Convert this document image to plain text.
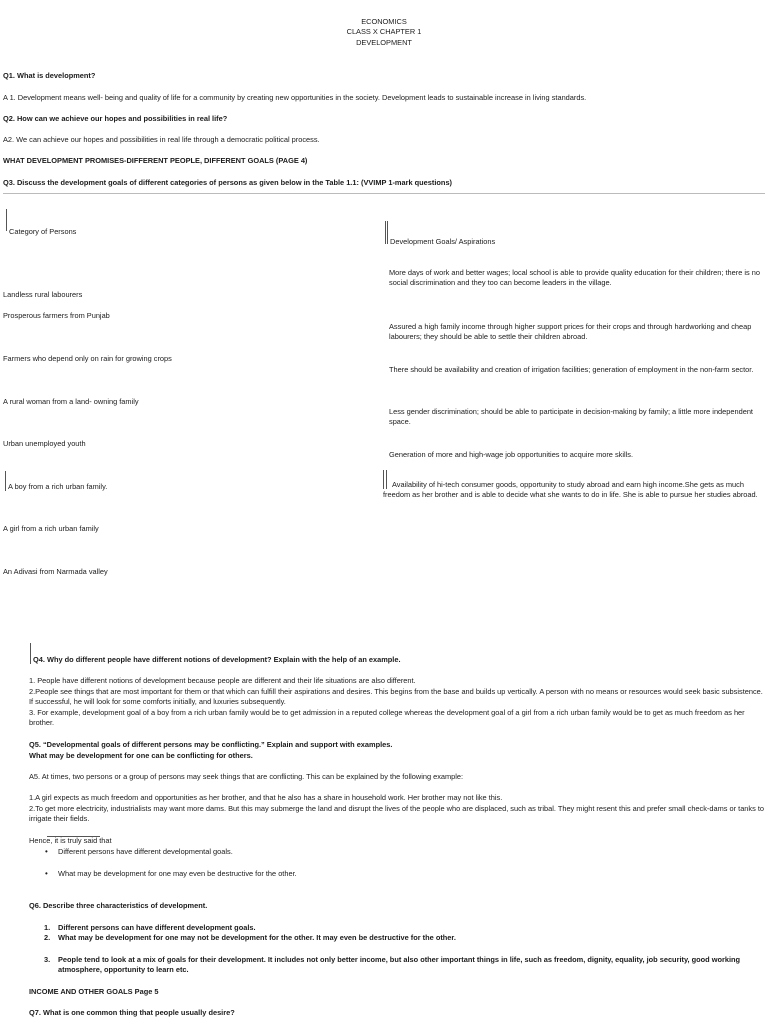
ECONOMICS
CLASS X CHAPTER 1
DEVELOPMENT
Q1. What is development?
A 1. Development means well- being and quality of life for a community by creating new opportunities in the society. Development leads to sustainable increase in living standards.
Q2. How can we achieve our hopes and possibilities in real life?
A2. We can achieve our hopes and possibilities in real life through a democratic political process.
WHAT DEVELOPMENT PROMISES-DIFFERENT PEOPLE, DIFFERENT GOALS (PAGE 4)
Q3. Discuss the development goals of different categories of persons as given below in the Table 1.1: (VVIMP 1-mark questions)
Category of Persons
Development Goals/ Aspirations
Landless rural labourers
Prosperous farmers from Punjab
Farmers who depend only on rain for growing crops
A rural woman from a land- owning family
Urban unemployed youth
A boy from a rich urban family.
A girl from a rich urban family
An Adivasi from Narmada valley
More days of work and better wages; local school is able to provide quality education for their children; there is no social discrimination and they too can become leaders in the village.
Assured a high family income through higher support prices for their crops and through hardworking and cheap labourers; they should be able to settle their children abroad.
There should be availability and creation of irrigation facilities; generation of employment in the non-farm sector.
Less gender discrimination; should be able to participate in decision-making by family; a little more independent space.
Generation of more and high-wage job opportunities to acquire more skills.
Availability of hi-tech consumer goods, opportunity to study abroad and earn high income.She gets as much freedom as her brother and is able to decide what she wants to do in life. She is able to pursue her studies abroad.
Q4. Why do different people have different notions of development? Explain with the help of an example.
1. People have different notions of development because people are different and their life situations are also different.
2.People see things that are most important for them or that which can fulfill their aspirations and desires. This begins from the base and builds up vertically. A person with no means or resources would seek basic subsistence. If successful, he will look for some comforts initially, and luxuries subsequently.
3. For example, development goal of a boy from a rich urban family would be to get admission in a reputed college whereas the development goal of a girl from a rich urban family would be to get as much freedom as her brother.
Q5. “Developmental goals of different persons may be conflicting.” Explain and support with examples.
What may be development for one can be conflicting for others.
A5. At times, two persons or a group of persons may seek things that are conflicting. This can be explained by the following example:
1.A girl expects as much freedom and opportunities as her brother, and that he also has a share in household work. Her brother may not like this.
2.To get more electricity, industrialists may want more dams. But this may submerge the land and disrupt the lives of the people who are displaced, such as tribal. They might resent this and prefer small check-dams or tanks to irrigate their fields.
Hence, it is truly said that
• Different persons have different developmental goals.
• What may be development for one may even be destructive for the other.
Q6. Describe three characteristics of development.
1. Different persons can have different development goals.
2. What may be development for one may not be development for the other. It may even be destructive for the other.
3. People tend to look at a mix of goals for their development. It includes not only better income, but also other important things in life, such as freedom, dignity, equality, job security, good working atmosphere, opportunity to learn etc.
INCOME AND OTHER GOALS Page 5
Q7. What is one common thing that people usually desire?
